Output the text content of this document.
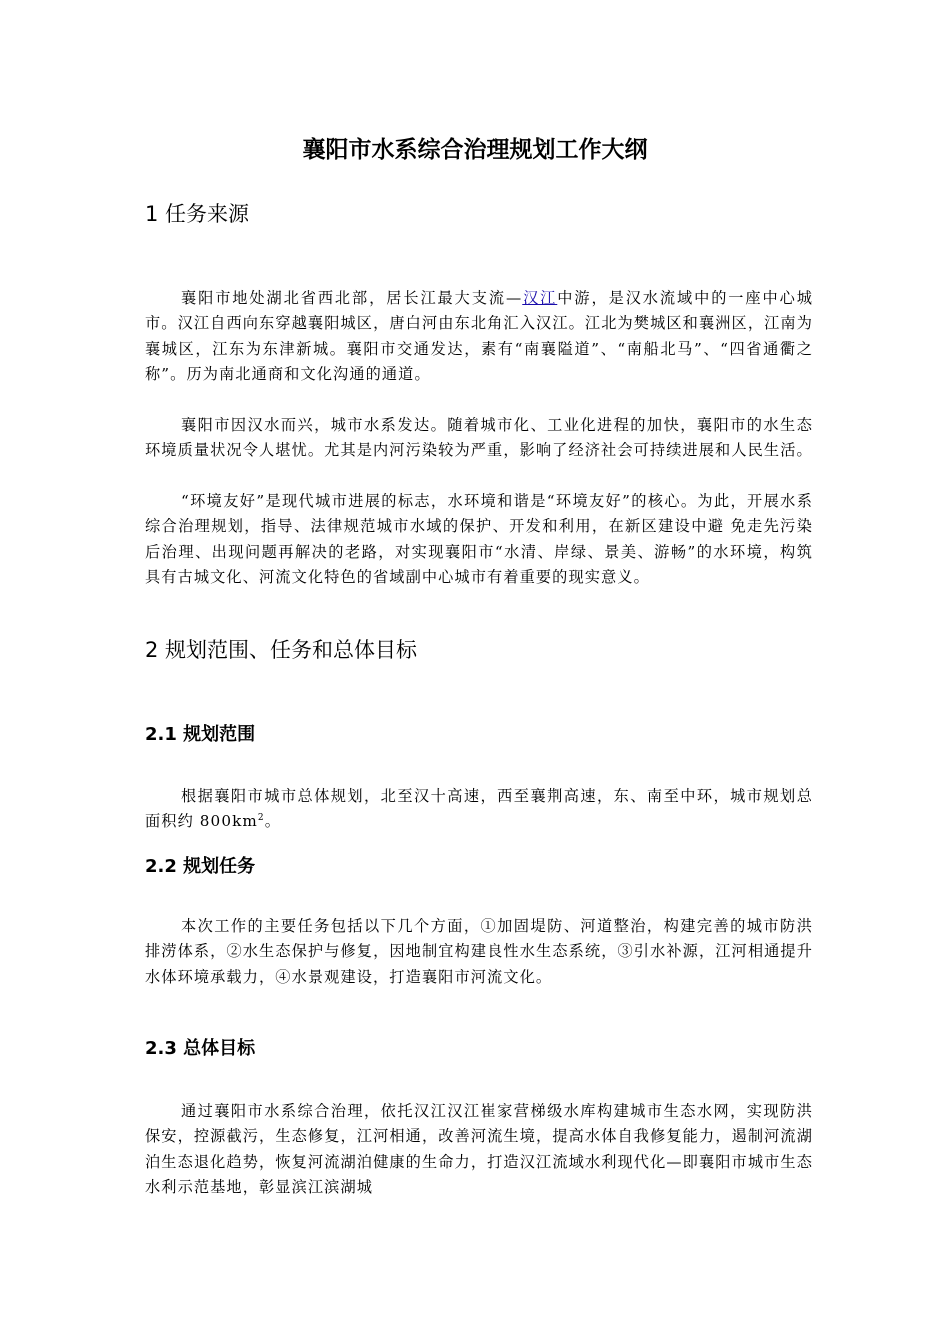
襄阳市水系综合治理规划工作大纲
1 任务来源

襄阳市地处湖北省西北部，居长江最大支流—汉江中游，是汉水流域中的一座中心城市。汉江自西向东穿越襄阳城区，唐白河由东北角汇入汉江。江北为樊城区和襄洲区，江南为襄城区，江东为东津新城。襄阳市交通发达，素有“南襄隘道”、“南船北马”、“四省通衢之称”。历为南北通商和文化沟通的通道。

襄阳市因汉水而兴，城市水系发达。随着城市化、工业化进程的加快，襄阳市的水生态环境质量状况令人堪忧。尤其是内河污染较为严重，影响了经济社会可持续进展和人民生活。

“环境友好”是现代城市进展的标志，水环境和谐是“环境友好”的核心。为此，开展水系综合治理规划，指导、法律规范城市水域的保护、开发和利用，在新区建设中避 免走先污染后治理、出现问题再解决的老路，对实现襄阳市“水清、岸绿、景美、游畅”的水环境，构筑具有古城文化、河流文化特色的省域副中心城市有着重要的现实意义。

2 规划范围、任务和总体目标
2.1 规划范围

根据襄阳市城市总体规划，北至汉十高速，西至襄荆高速，东、南至中环，城市规划总面积约 $800km^2$。

2.2 规划任务

本次工作的主要任务包括以下几个方面，①加固堤防、河道整治，构建完善的城市防洪排涝体系，②水生态保护与修复，因地制宜构建良性水生态系统，③引水补源，江河相通提升水体环境承载力，④水景观建设，打造襄阳市河流文化。

2.3 总体目标

通过襄阳市水系综合治理，依托汉江汉江崔家营梯级水库构建城市生态水网，实现防洪保安，控源截污，生态修复，江河相通，改善河流生境，提高水体自我修复能力，遏制河流湖泊生态退化趋势，恢复河流湖泊健康的生命力，打造汉江流域水利现代化—即襄阳市城市生态水利示范基地，彰显滨江滨湖城
